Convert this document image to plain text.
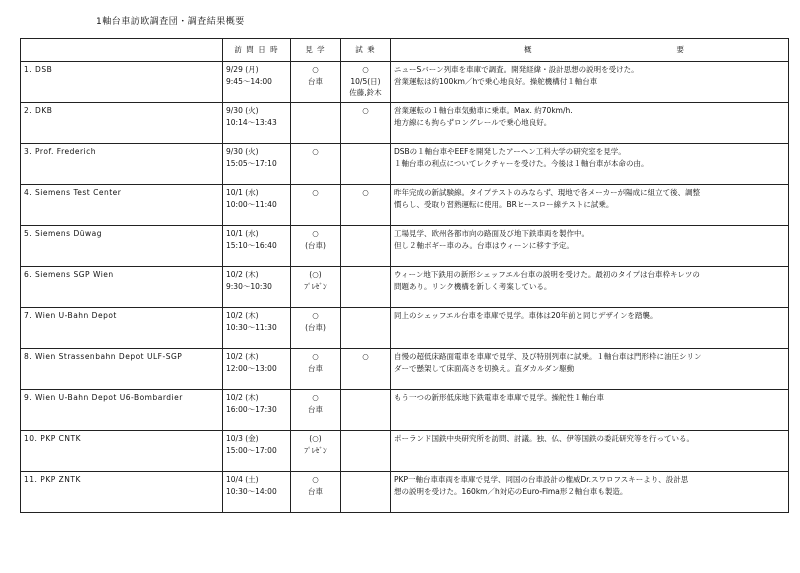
1軸台車訪欧調査団・調査結果概要
	訪 問 日 時	見 学	試 乗	概 要

1. DSB	9/29 (月)
9:45～14:00	○
台車	○
10/5(日)
佐藤,鈴木	ニューSバーン列車を車庫で調査。開発経緯・設計思想の説明を受けた。
営業運転は約100km／hで乗心地良好。操舵機構付１軸台車

2. DKB	9/30 (火)
10:14～13:43		○	営業運転の１軸台車気動車に乗車。Max. 約70km/h.
地方線にも拘らずロングレールで乗心地良好。

3. Prof. Frederich	9/30 (火)
15:05～17:10	○		DSBの１軸台車やEEFを開発したアーヘン工科大学の研究室を見学。
１軸台車の利点についてレクチャーを受けた。今後は１軸台車が本命の由。

4. Siemens Test Center	10/1 (水)
10:00～11:40	○	○	昨年完成の新試験線。タイプテストのみならず、現地で各メーカーが陽成に組立て後、調整
慣らし、受取り習熟運転に使用。BRヒースロー線テストに試乗。

5. Siemens Düwag	10/1 (水)
15:10～16:40	○
(台車)		工場見学、欧州各都市向の路面及び地下鉄車両を製作中。
但し２軸ボギー車のみ。台車はウィーンに移す予定。

6. Siemens SGP Wien	10/2 (木)
9:30～10:30	(○)
ﾌﾟﾚｾﾞﾝ		ウィーン地下鉄用の新形シェッフエル台車の説明を受けた。最初のタイプは台車枠キレツの
問題あり。リンク機構を新しく考案している。

7. Wien U-Bahn Depot	10/2 (木)
10:30～11:30	○
(台車)		同上のシェッフエル台車を車庫で見学。車体は20年前と同じデザインを踏襲。

8. Wien Strassenbahn Depot ULF-SGP	10/2 (木)
12:00～13:00	○
台車	○	自慢の超低床路面電車を車庫で見学、及び特別列車に試乗。１軸台車は門形枠に油圧シリン
ダーで懸架して床面高さを切換え。直ダカルダン駆動

9. Wien U-Bahn Depot U6-Bombardier	10/2 (木)
16:00～17:30	○
台車		もう一つの新形低床地下鉄電車を車庫で見学。操舵性１軸台車

10. PKP CNTK	10/3 (金)
15:00～17:00	(○)
ﾌﾟﾚｾﾞﾝ		ポーランド国鉄中央研究所を訪問、討議。独、仏、伊等国鉄の委託研究等を行っている。

11. PKP ZNTK	10/4 (土)
10:30～14:00	○
台車		PKP一軸台車車両を車庫で見学、同国の台車設計の権威Dr.スワロフスキーより、設計思
想の説明を受けた。160km／h対応のEuro-Fima形２軸台車も製造。
